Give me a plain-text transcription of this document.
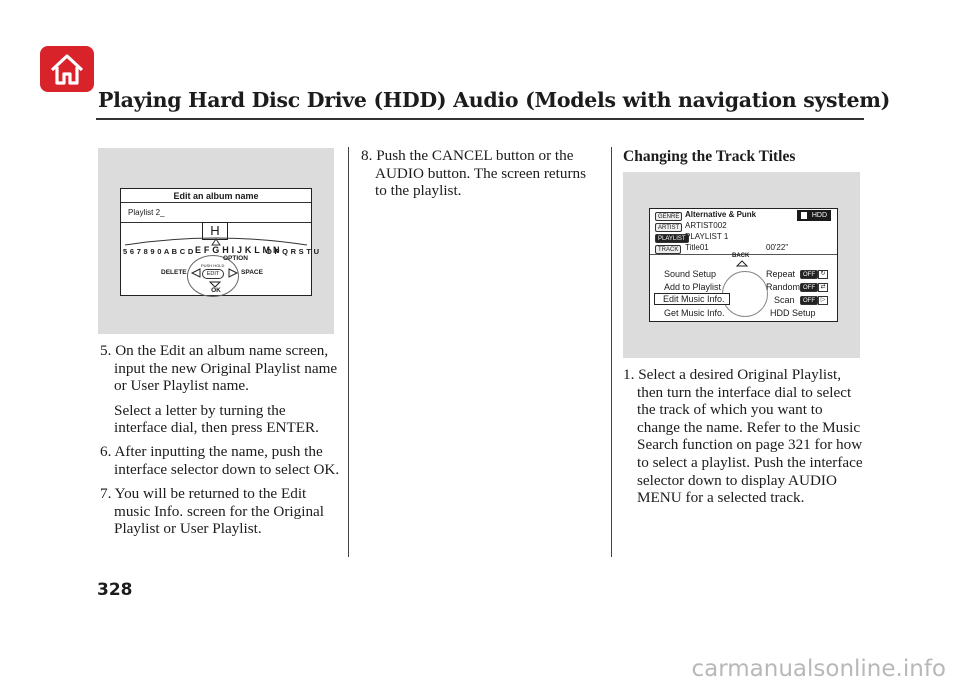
Playing Hard Disc Drive (HDD) Audio (Models with navigation system)
Edit an album name
Playlist 2_
H
5 6 7 8 9 0 A B C D E F G H I J K L M N
O P Q R S T U
OPTION
DELETE
PUSH HOLD
EDIT	SPACE
OK
GENRE Alternative & Punk	HDD
ARTIST ARTIST002
PLAYLIST PLAYLIST 1
TRACK Title01	00'22"
BACK
Sound Setup
Add to Playlist
Edit Music Info.
Get Music Info.
Repeat	OFF ↻
Random OFF ⇄
Scan	OFF ▷
HDD Setup

5. On the Edit an album name screen, input the new Original Playlist name or User Playlist name.

Select a letter by turning the interface dial, then press ENTER.

6. After inputting the name, push the interface selector down to select OK.

7. You will be returned to the Edit music Info. screen for the Original Playlist or User Playlist.

8. Push the CANCEL button or the AUDIO button. The screen returns to the playlist.

Changing the Track Titles

1. Select a desired Original Playlist, then turn the interface dial to select the track of which you want to change the name. Refer to the Music Search function on page 321 for how to select a playlist. Push the interface selector down to display AUDIO MENU for a selected track.

328
carmanualsonline.info
